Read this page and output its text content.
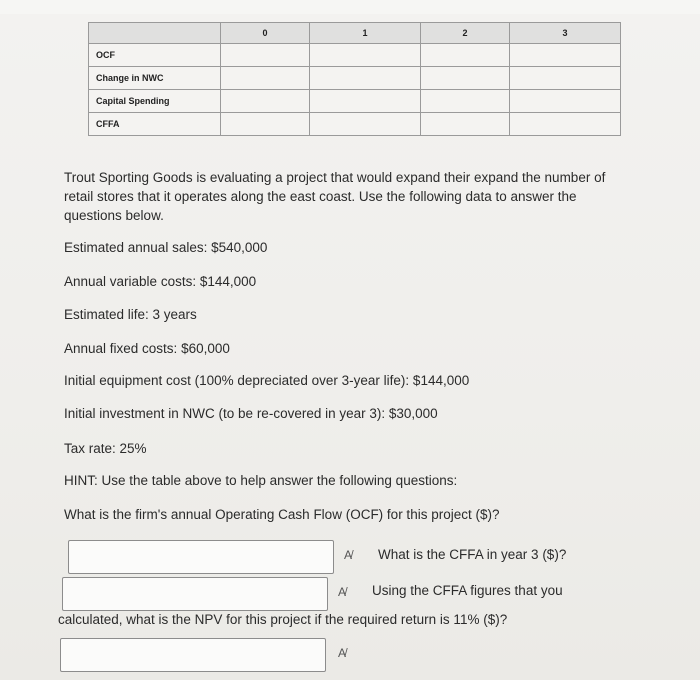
	0	1	2	3
OCF				
Change in NWC				
Capital Spending				
CFFA				

Trout Sporting Goods is evaluating a project that would expand their expand the number of retail stores that it operates along the east coast. Use the following data to answer the questions below.

Estimated annual sales: $540,000
Annual variable costs: $144,000
Estimated life: 3 years
Annual fixed costs: $60,000
Initial equipment cost (100% depreciated over 3-year life): $144,000
Initial investment in NWC (to be re-covered in year 3): $30,000
Tax rate: 25%
HINT: Use the table above to help answer the following questions:
What is the firm's annual Operating Cash Flow (OCF) for this project ($)?
A̸ What is the CFFA in year 3 ($)?
A̸ Using the CFFA figures that you
calculated, what is the NPV for this project if the required return is 11% ($)?
A̸
